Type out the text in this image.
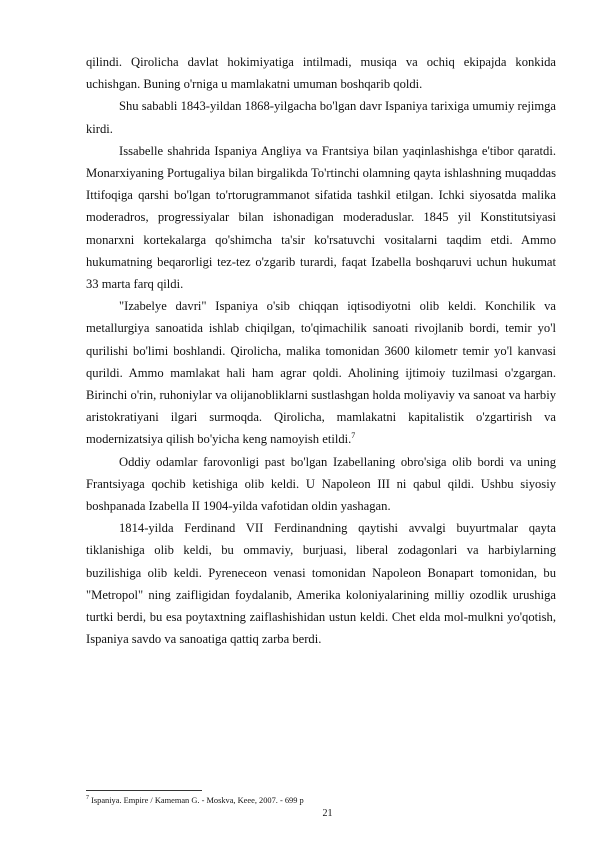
qilindi. Qirolicha davlat hokimiyatiga intilmadi, musiqa va ochiq ekipajda konkida uchishgan. Buning o'rniga u mamlakatni umuman boshqarib qoldi.

Shu sababli 1843-yildan 1868-yilgacha bo'lgan davr Ispaniya tarixiga umumiy rejimga kirdi.

Issabelle shahrida Ispaniya Angliya va Frantsiya bilan yaqinlashishga e'tibor qaratdi. Monarxiyaning Portugaliya bilan birgalikda To'rtinchi olamning qayta ishlashning muqaddas Ittifoqiga qarshi bo'lgan to'rtorugrammanot sifatida tashkil etilgan. Ichki siyosatda malika moderadros, progressiyalar bilan ishonadigan moderaduslar. 1845 yil Konstitutsiyasi monarxni kortekalarga qo'shimcha ta'sir ko'rsatuvchi vositalarni taqdim etdi. Ammo hukumatning beqarorligi tez-tez o'zgarib turardi, faqat Izabella boshqaruvi uchun hukumat 33 marta farq qildi.

"Izabelye davri" Ispaniya o'sib chiqqan iqtisodiyotni olib keldi. Konchilik va metallurgiya sanoatida ishlab chiqilgan, to'qimachilik sanoati rivojlanib bordi, temir yo'l qurilishi bo'limi boshlandi. Qirolicha, malika tomonidan 3600 kilometr temir yo'l kanvasi qurildi. Ammo mamlakat hali ham agrar qoldi. Aholining ijtimoiy tuzilmasi o'zgargan. Birinchi o'rin, ruhoniylar va olijanobliklarni sustlashgan holda moliyaviy va sanoat va harbiy aristokratiyani ilgari surmoqda. Qirolicha, mamlakatni kapitalistik o'zgartirish va modernizatsiya qilish bo'yicha keng namoyish etildi.$^7$

Oddiy odamlar farovonligi past bo'lgan Izabellaning obro'siga olib bordi va uning Frantsiyaga qochib ketishiga olib keldi. U Napoleon III ni qabul qildi. Ushbu siyosiy boshpanada Izabella II 1904-yilda vafotidan oldin yashagan.

1814-yilda Ferdinand VII Ferdinandning qaytishi avvalgi buyurtmalar qayta tiklanishiga olib keldi, bu ommaviy, burjuasi, liberal zodagonlari va harbiylarning buzilishiga olib keldi. Pyreneceon venasi tomonidan Napoleon Bonapart tomonidan, bu "Metropol" ning zaifligidan foydalanib, Amerika koloniyalarining milliy ozodlik urushiga turtki berdi, bu esa poytaxtning zaiflashishidan ustun keldi. Chet elda mol-mulkni yo'qotish, Ispaniya savdo va sanoatiga qattiq zarba berdi.

$^7$ Ispaniya. Empire / Kameman G. - Moskva, Keee, 2007. - 699 p
21
